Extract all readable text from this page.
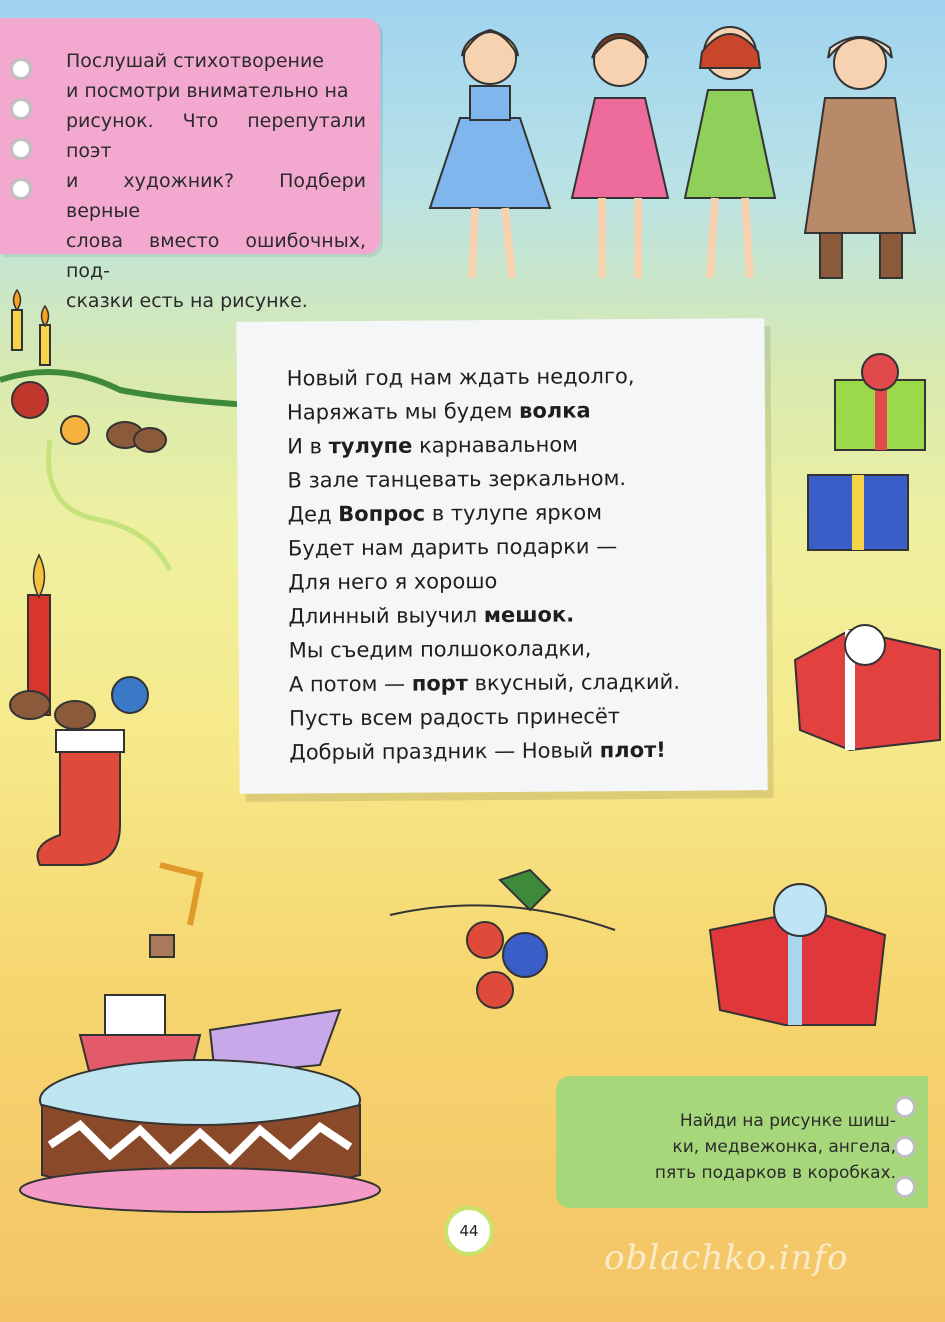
Послушай стихотворение
и посмотри внимательно на
рисунок. Что перепутали поэт
и художник? Подбери верные
слова вместо ошибочных, под-
сказки есть на рисунке.
Новый год нам ждать недолго,
Наряжать мы будем волка
И в тулупе карнавальном
В зале танцевать зеркальном.
Дед Вопрос в тулупе ярком
Будет нам дарить подарки —
Для него я хорошо
Длинный выучил мешок.
Мы съедим полшоколадки,
А потом — порт вкусный, сладкий.
Пусть всем радость принесёт
Добрый праздник — Новый плот!
Найди на рисунке шиш-
ки, медвежонка, ангела,
пять подарков в коробках.
44
oblachko.info
